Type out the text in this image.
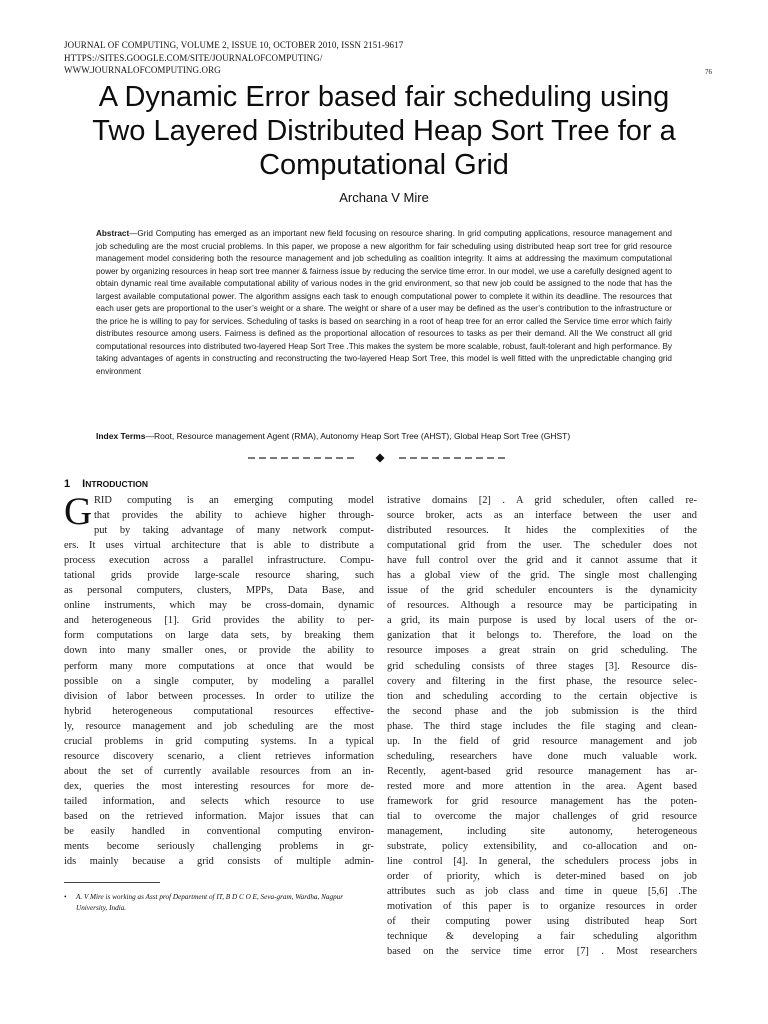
JOURNAL OF COMPUTING, VOLUME 2, ISSUE 10, OCTOBER 2010, ISSN 2151-9617
HTTPS://SITES.GOOGLE.COM/SITE/JOURNALOFCOMPUTING/
WWW.JOURNALOFCOMPUTING.ORG	76
A Dynamic Error based fair scheduling using
Two Layered Distributed Heap Sort Tree for a
Computational Grid
Archana V Mire
Abstract—Grid Computing has emerged as an important new field focusing on resource sharing. In grid computing applications, resource management and job scheduling are the most crucial problems. In this paper, we propose a new algorithm for fair scheduling using distributed heap sort tree for grid resource management model considering both the resource management and job scheduling as coalition integrity. It aims at addressing the maximum computational power by organizing resources in heap sort tree manner & fairness issue by reducing the service time error. In our model, we use a carefully designed agent to obtain dynamic real time available computational ability of various nodes in the grid environment, so that new job could be assigned to the node that has the largest available computational power. The algorithm assigns each task to enough computational power to complete it within its deadline. The resources that each user gets are proportional to the user’s weight or a share. The weight or share of a user may be defined as the user’s contribution to the infrastructure or the price he is willing to pay for services. Scheduling of tasks is based on searching in a root of heap tree for an error called the Service time error which fairly distributes resource among users. Fairness is defined as the proportional allocation of resources to tasks as per their demand. All the We construct all grid computational resources into distributed two-layered Heap Sort Tree .This makes the system be more scalable, robust, fault-tolerant and high performance. By taking advantages of agents in constructing and reconstructing the two-layered Heap Sort Tree, this model is well fitted with the unpredictable changing grid environment
Index Terms—Root, Resource management Agent (RMA), Autonomy Heap Sort Tree (AHST), Global Heap Sort Tree (GHST)
1 INTRODUCTION
G RID computing is an emerging computing model
that provides the ability to achieve higher through-
put by taking advantage of many network comput-
ers. It uses virtual architecture that is able to distribute a
process execution across a parallel infrastructure. Compu-
tational grids provide large-scale resource sharing, such
as personal computers, clusters, MPPs, Data Base, and
online instruments, which may be cross-domain, dynamic
and heterogeneous [1]. Grid provides the ability to per-
form computations on large data sets, by breaking them
down into many smaller ones, or provide the ability to
perform many more computations at once that would be
possible on a single computer, by modeling a parallel
division of labor between processes. In order to utilize the
hybrid heterogeneous computational resources effective-
ly, resource management and job scheduling are the most
crucial problems in grid computing systems. In a typical
resource discovery scenario, a client retrieves information
about the set of currently available resources from an in-
dex, queries the most interesting resources for more de-
tailed information, and selects which resource to use
based on the retrieved information. Major issues that can
be easily handled in conventional computing environ-
ments become seriously challenging problems in gr-
ids mainly because a grid consists of multiple admin-
istrative domains [2] . A grid scheduler, often called re-
source broker, acts as an interface between the user and
distributed resources. It hides the complexities of the
computational grid from the user. The scheduler does not
have full control over the grid and it cannot assume that it
has a global view of the grid. The single most challenging
issue of the grid scheduler encounters is the dynamicity
of resources. Although a resource may be participating in
a grid, its main purpose is used by local users of the or-
ganization that it belongs to. Therefore, the load on the
resource imposes a great strain on grid scheduling. The
grid scheduling consists of three stages [3]. Resource dis-
covery and filtering in the first phase, the resource selec-
tion and scheduling according to the certain objective is
the second phase and the job submission is the third
phase. The third stage includes the file staging and clean-
up. In the field of grid resource management and job
scheduling, researchers have done much valuable work.
Recently, agent-based grid resource management has ar-
rested more and more attention in the area. Agent based
framework for grid resource management has the poten-
tial to overcome the major challenges of grid resource
management, including site autonomy, heterogeneous
substrate, policy extensibility, and co-allocation and on-
line control [4]. In general, the schedulers process jobs in
order of priority, which is deter-mined based on job
attributes such as job class and time in queue [5,6] .The
motivation of this paper is to organize resources in order
of their computing power using distributed heap Sort
technique & developing a fair scheduling algorithm
based on the service time error [7] . Most researchers
• A. V Mire is working as Asst prof Department of IT, B D C O E, Seva-gram, Wardha, Nagpur University, India.
